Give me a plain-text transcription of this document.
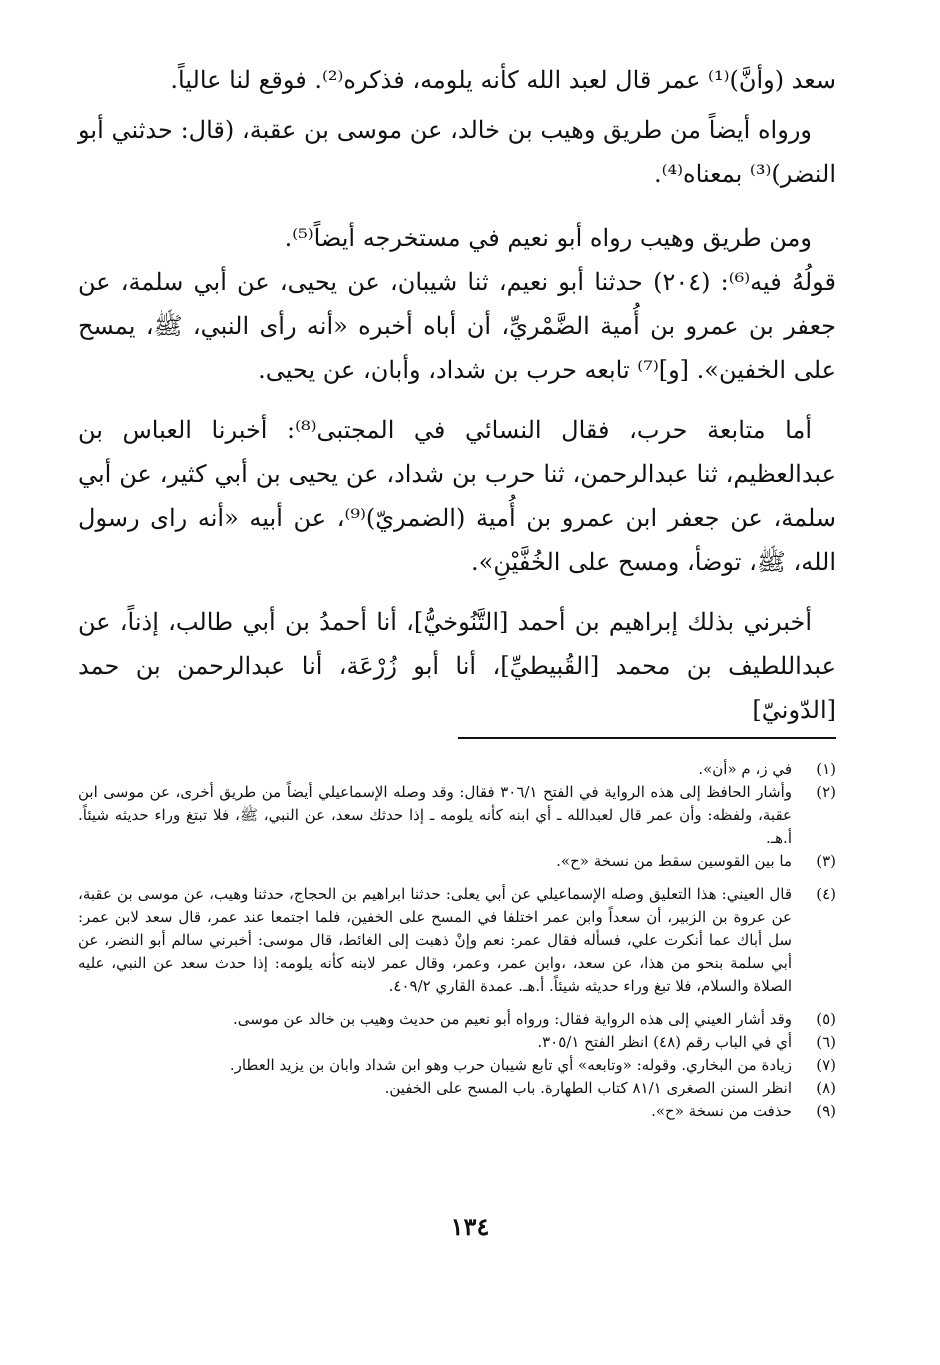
سعد (وأنَّ)⁽¹⁾ عمر قال لعبد الله كأنه يلومه، فذكره⁽²⁾. فوقع لنا عالياً.

ورواه أيضاً من طريق وهيب بن خالد، عن موسى بن عقبة، (قال: حدثني أبو النضر)⁽³⁾ بمعناه⁽⁴⁾.

ومن طريق وهيب رواه أبو نعيم في مستخرجه أيضاً⁽⁵⁾.

قولُهُ فيه⁽⁶⁾: (٢٠٤) حدثنا أبو نعيم، ثنا شيبان، عن يحيى، عن أبي سلمة، عن جعفر بن عمرو بن أُمية الضَّمْريِّ، أن أباه أخبره «أنه رأى النبي، ﷺ، يمسح على الخفين». [و]⁽⁷⁾ تابعه حرب بن شداد، وأبان، عن يحيى.

أما متابعة حرب، فقال النسائي في المجتبى⁽⁸⁾: أخبرنا العباس بن عبدالعظيم، ثنا عبدالرحمن، ثنا حرب بن شداد، عن يحيى بن أبي كثير، عن أبي سلمة، عن جعفر ابن عمرو بن أُمية (الضمريّ)⁽⁹⁾، عن أبيه «أنه راى رسول الله، ﷺ، توضأ، ومسح على الخُفَّيْنِ».

أخبرني بذلك إبراهيم بن أحمد [التَّنُوخيُّ]، أنا أحمدُ بن أبي طالب، إذناً، عن عبداللطيف بن محمد [القُبيطيِّ]، أنا أبو زُرْعَة، أنا عبدالرحمن بن حمد [الدّونيّ]

(١)
في ز، م «أن».
(٢)
وأشار الحافظ إلى هذه الرواية في الفتح ٣٠٦/١ فقال: وقد وصله الإسماعيلي أيضاً من طريق أخرى، عن موسى ابن عقبة، ولفظه: وأن عمر قال لعبدالله ـ أي ابنه كأنه يلومه ـ إذا حدثك سعد، عن النبي، ﷺ، فلا تبتغ وراء حديثه شيئاً. أ.هـ.
(٣)
ما بين القوسين سقط من نسخة «ح».
(٤)
قال العيني: هذا التعليق وصله الإسماعيلي عن أبي يعلى: حدثنا ابراهيم بن الحجاج، حدثنا وهيب، عن موسى بن عقبة، عن عروة بن الزبير، أن سعداً وابن عمر اختلفا في المسح على الخفين، فلما اجتمعا عند عمر، قال سعد لابن عمر: سل أباك عما أنكرت علي، فسأله فقال عمر: نعم وإنْ ذهبت إلى الغائط، قال موسى: أخبرني سالم أبو النضر، عن أبي سلمة بنحو من هذا، عن سعد، ،وابن عمر، وعمر، وقال عمر لابنه كأنه يلومه: إذا حدث سعد عن النبي، عليه الصلاة والسلام، فلا تبغ وراء حديثه شيئاً. أ.هـ. عمدة القاري ٤٠٩/٢.
(٥)
وقد أشار العيني إلى هذه الرواية فقال: ورواه أبو نعيم من حديث وهيب بن خالد عن موسى.
(٦)
أي في الباب رقم (٤٨) انظر الفتح ٣٠٥/١.
(٧)
زيادة من البخاري. وقوله: «وتابعه» أي تابع شيبان حرب وهو ابن شداد وابان بن يزيد العطار.
(٨)
انظر السنن الصغرى ٨١/١ كتاب الطهارة. باب المسح على الخفين.
(٩)
حذفت من نسخة «ح».
١٣٤
